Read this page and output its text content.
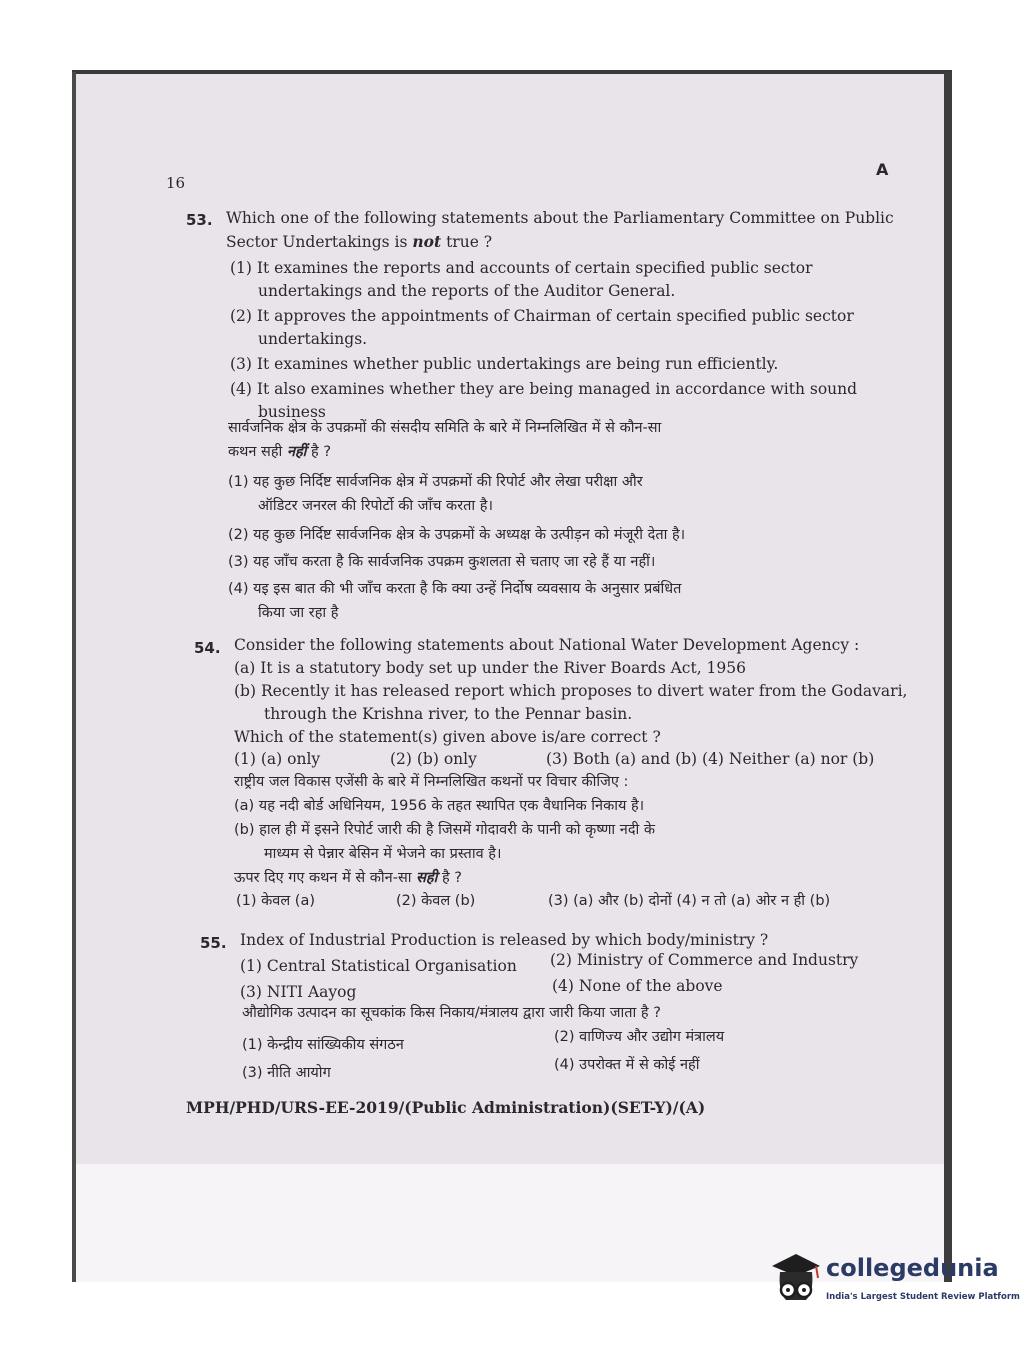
16
A
53. Which one of the following statements about the Parliamentary Committee on Public
Sector Undertakings is not true ?
(1) It examines the reports and accounts of certain specified public sector
undertakings and the reports of the Auditor General.
(2) It approves the appointments of Chairman of certain specified public sector
undertakings.
(3) It examines whether public undertakings are being run efficiently.
(4) It also examines whether they are being managed in accordance with sound
business
सार्वजनिक क्षेत्र के उपक्रमों की संसदीय समिति के बारे में निम्नलिखित में से कौन-सा
कथन सही नहीं है ?
(1) यह कुछ निर्दिष्ट सार्वजनिक क्षेत्र में उपक्रमों की रिपोर्ट और लेखा परीक्षा और
ऑडिटर जनरल की रिपोर्टो की जाँच करता है।
(2) यह कुछ निर्दिष्ट सार्वजनिक क्षेत्र के उपक्रमों के अध्यक्ष के उत्पीड़न को मंजूरी देता है।
(3) यह जाँच करता है कि सार्वजनिक उपक्रम कुशलता से चताए जा रहे हैं या नहीं।
(4) यइ इस बात की भी जाँच करता है कि क्या उन्हें निर्दोष व्यवसाय के अनुसार प्रबंधित
किया जा रहा है
54. Consider the following statements about National Water Development Agency :
(a) It is a statutory body set up under the River Boards Act, 1956
(b) Recently it has released report which proposes to divert water from the Godavari,
through the Krishna river, to the Pennar basin.
Which of the statement(s) given above is/are correct ?
(1) (a) only	(2) (b) only	(3) Both (a) and (b) (4) Neither (a) nor (b)
राष्ट्रीय जल विकास एजेंसी के बारे में निम्नलिखित कथनों पर विचार कीजिए :
(a) यह नदी बोर्ड अधिनियम, 1956 के तहत स्थापित एक वैधानिक निकाय है।
(b) हाल ही में इसने रिपोर्ट जारी की है जिसमें गोदावरी के पानी को कृष्णा नदी के
माध्यम से पेन्नार बेसिन में भेजने का प्रस्ताव है।
ऊपर दिए गए कथन में से कौन-सा सही है ?
(1) केवल (a)	(2) केवल (b)	(3) (a) और (b) दोनों (4) न तो (a) ओर न ही (b)
55. Index of Industrial Production is released by which body/ministry ?
(1) Central Statistical Organisation (2) Ministry of Commerce and Industry
(3) NITI Aayog	(4) None of the above
औद्योगिक उत्पादन का सूचकांक किस निकाय/मंत्रालय द्वारा जारी किया जाता है ?
(1) केन्द्रीय सांख्यिकीय संगठन	(2) वाणिज्य और उद्योग मंत्रालय
(3) नीति आयोग	(4) उपरोक्त में से कोई नहीं
MPH/PHD/URS-EE-2019/(Public Administration)(SET-Y)/(A)
collegedunia
India's Largest Student Review Platform
